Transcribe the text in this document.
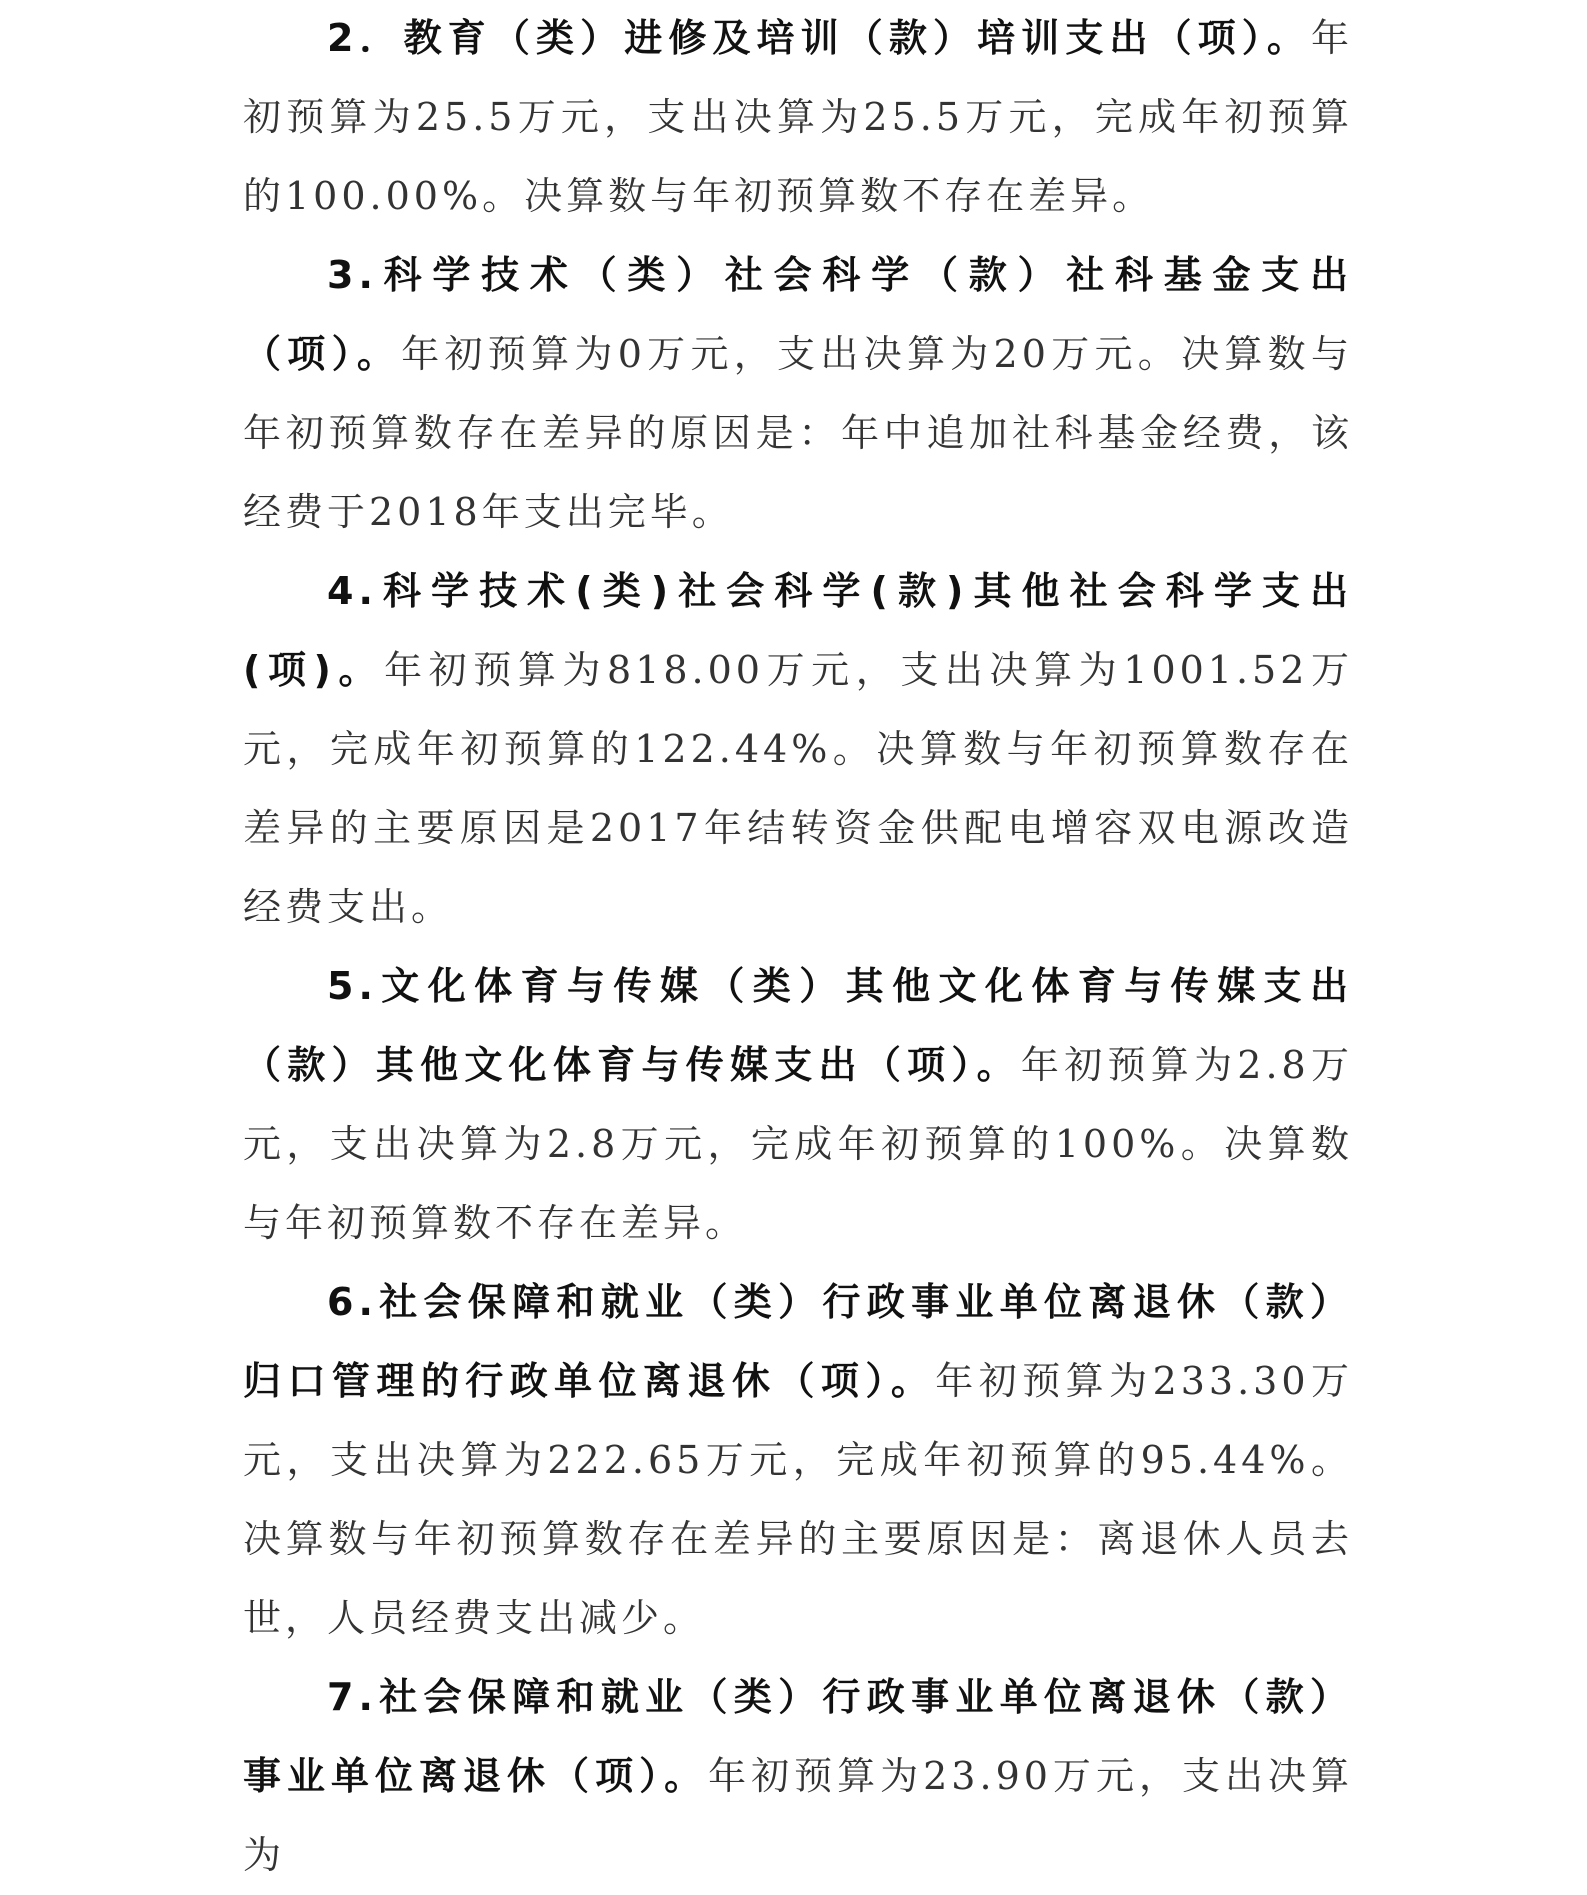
2．教育（类）进修及培训（款）培训支出（项）。年初预算为25.5万元，支出决算为25.5万元，完成年初预算的100.00%。决算数与年初预算数不存在差异。

3.科学技术（类）社会科学（款）社科基金支出（项）。年初预算为0万元，支出决算为20万元。决算数与年初预算数存在差异的原因是：年中追加社科基金经费，该经费于2018年支出完毕。

4.科学技术(类)社会科学(款)其他社会科学支出(项)。年初预算为818.00万元，支出决算为1001.52万元，完成年初预算的122.44%。决算数与年初预算数存在差异的主要原因是2017年结转资金供配电增容双电源改造经费支出。

5.文化体育与传媒（类）其他文化体育与传媒支出（款）其他文化体育与传媒支出（项）。年初预算为2.8万元，支出决算为2.8万元，完成年初预算的100%。决算数与年初预算数不存在差异。

6.社会保障和就业（类）行政事业单位离退休（款）归口管理的行政单位离退休（项）。年初预算为233.30万元，支出决算为222.65万元，完成年初预算的95.44%。决算数与年初预算数存在差异的主要原因是：离退休人员去世，人员经费支出减少。

7.社会保障和就业（类）行政事业单位离退休（款）事业单位离退休（项）。年初预算为23.90万元，支出决算为
